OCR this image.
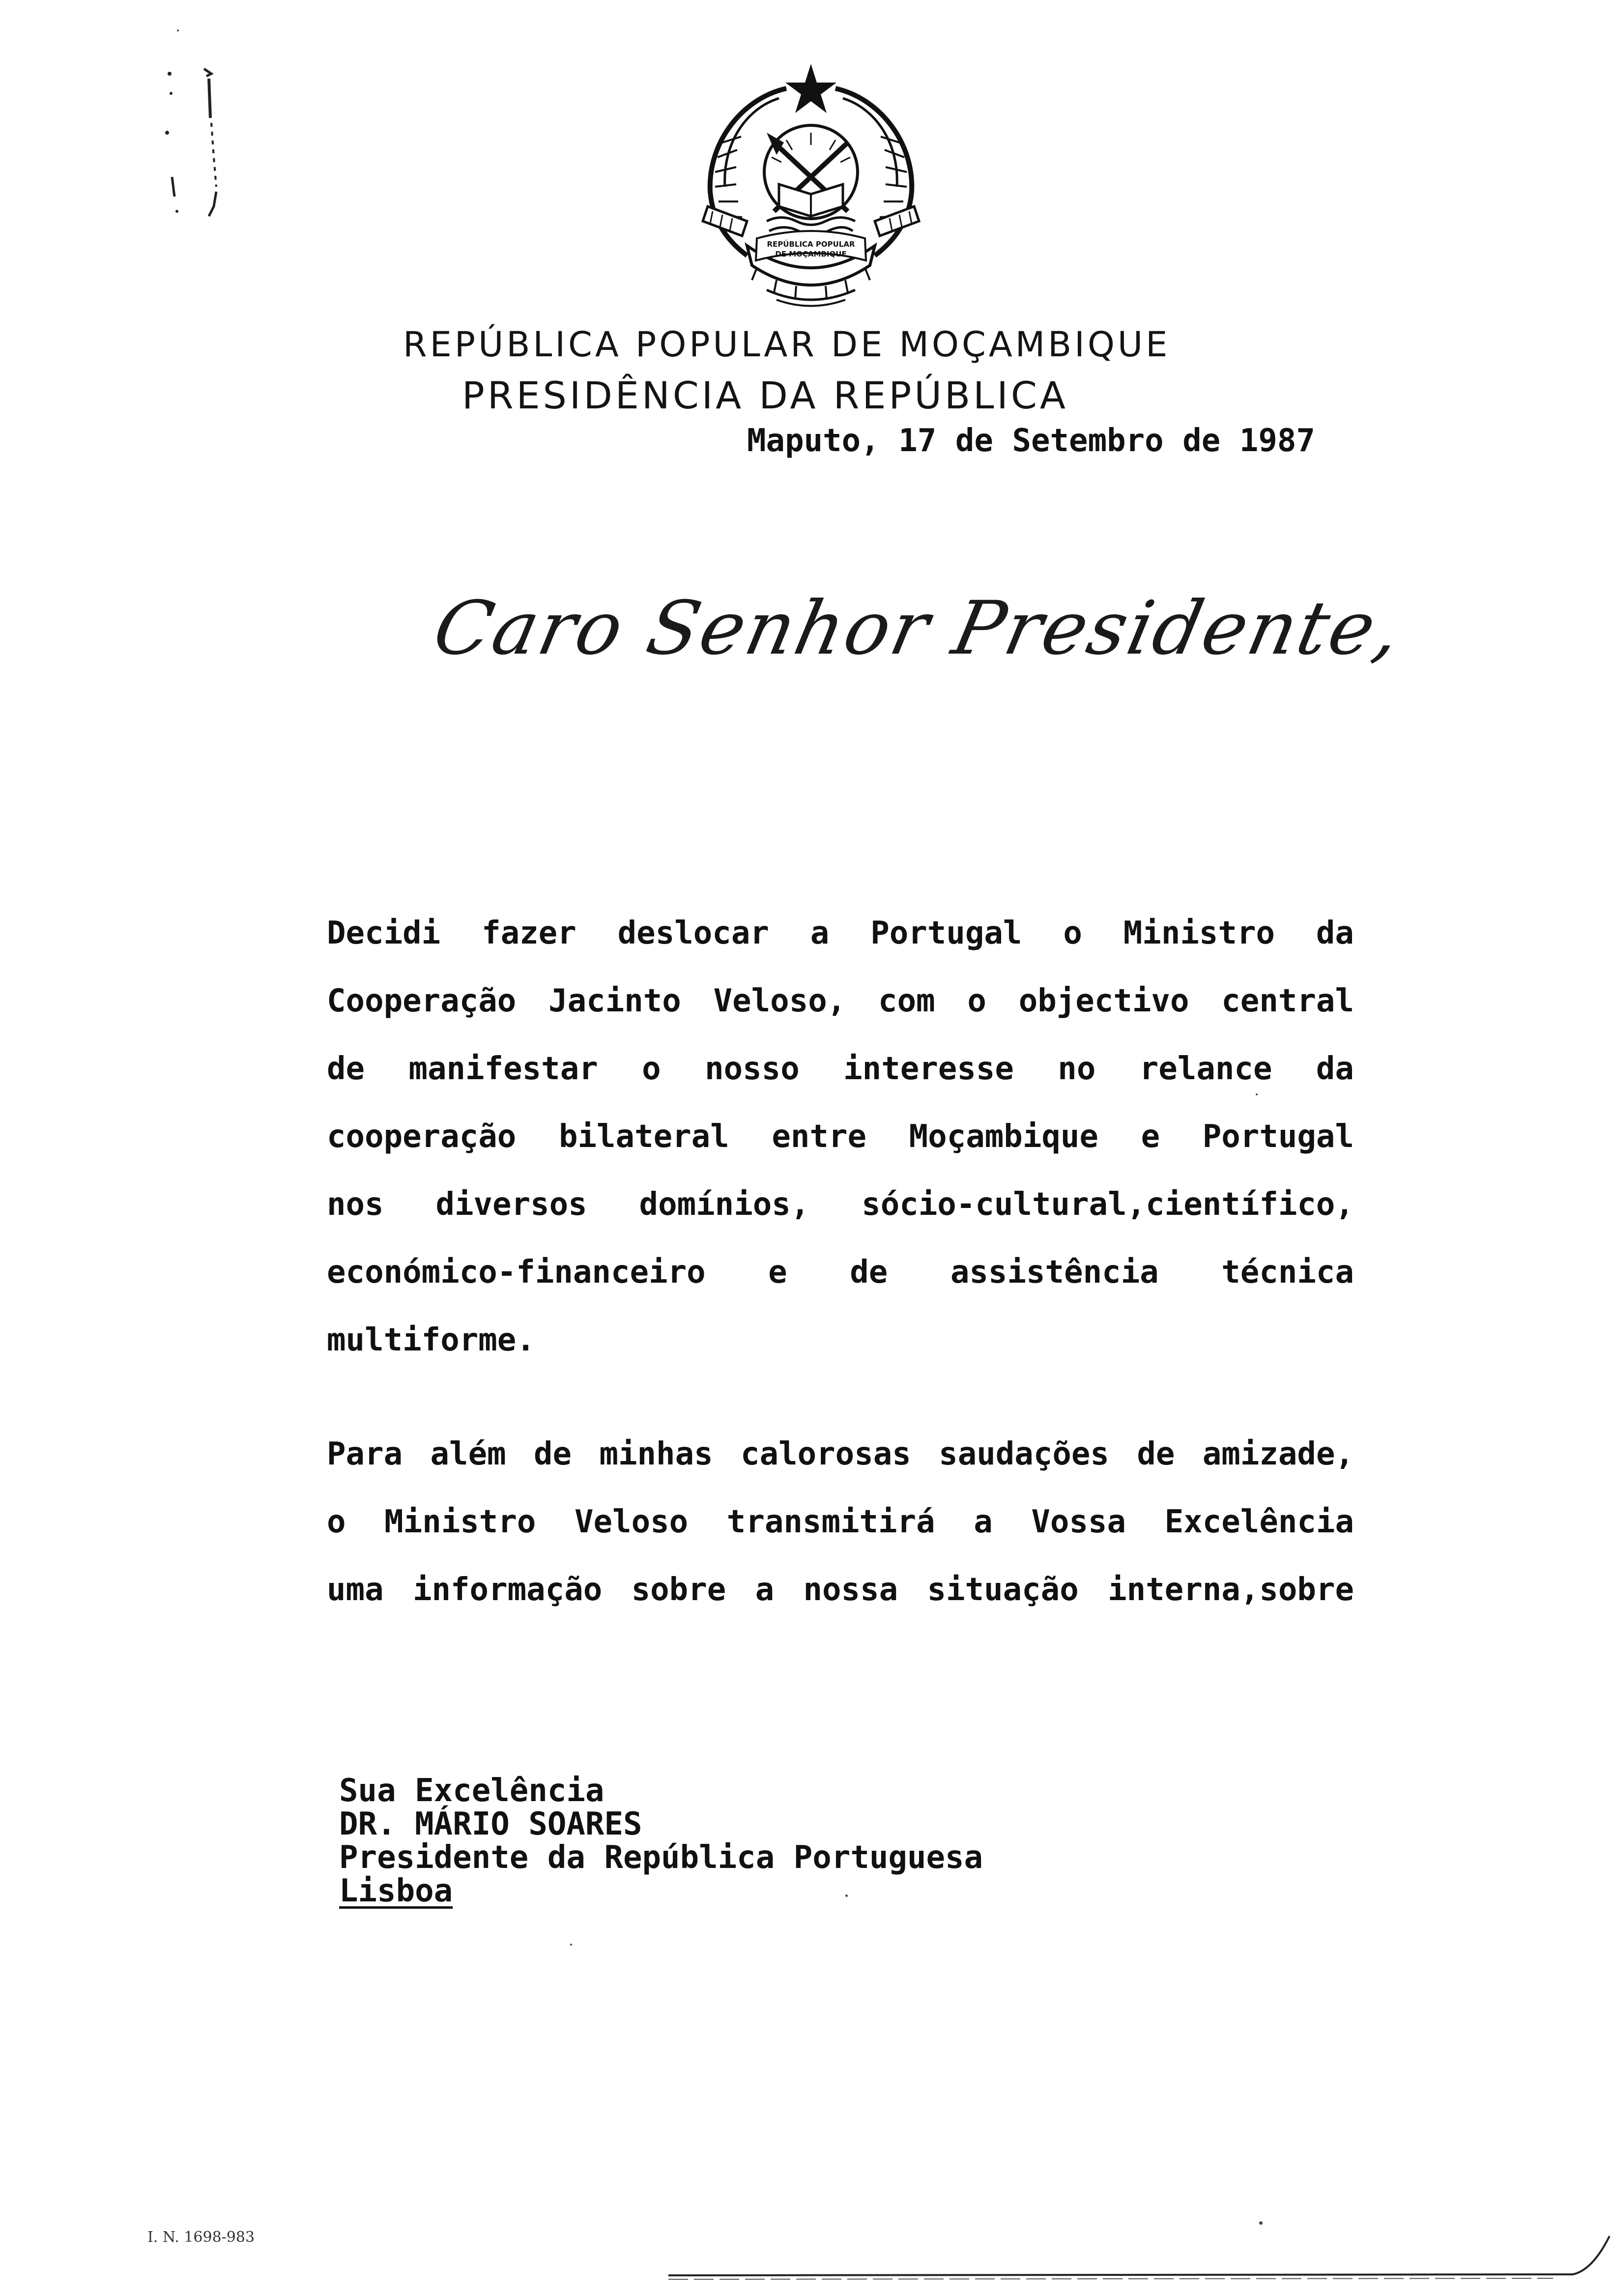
REPÚBLICA POPULAR
DE MOÇAMBIQUE
REPÚBLICA POPULAR DE MOÇAMBIQUE
PRESIDÊNCIA DA REPÚBLICA
Maputo, 17 de Setembro de 1987
Caro Senhor Presidente,
Decidi fazer deslocar a Portugal o Ministro da
Cooperação Jacinto Veloso, com o objectivo central
de manifestar o nosso interesse no relance da
cooperação bilateral entre Moçambique e Portugal
nos diversos domínios, sócio-cultural,científico,
económico-financeiro e de assistência técnica
multiforme.
Para além de minhas calorosas saudações de amizade,
o Ministro Veloso transmitirá a Vossa Excelência
uma informação sobre a nossa situação interna,sobre
Sua Excelência
DR. MÁRIO SOARES
Presidente da República Portuguesa
Lisboa
I. N. 1698-983
